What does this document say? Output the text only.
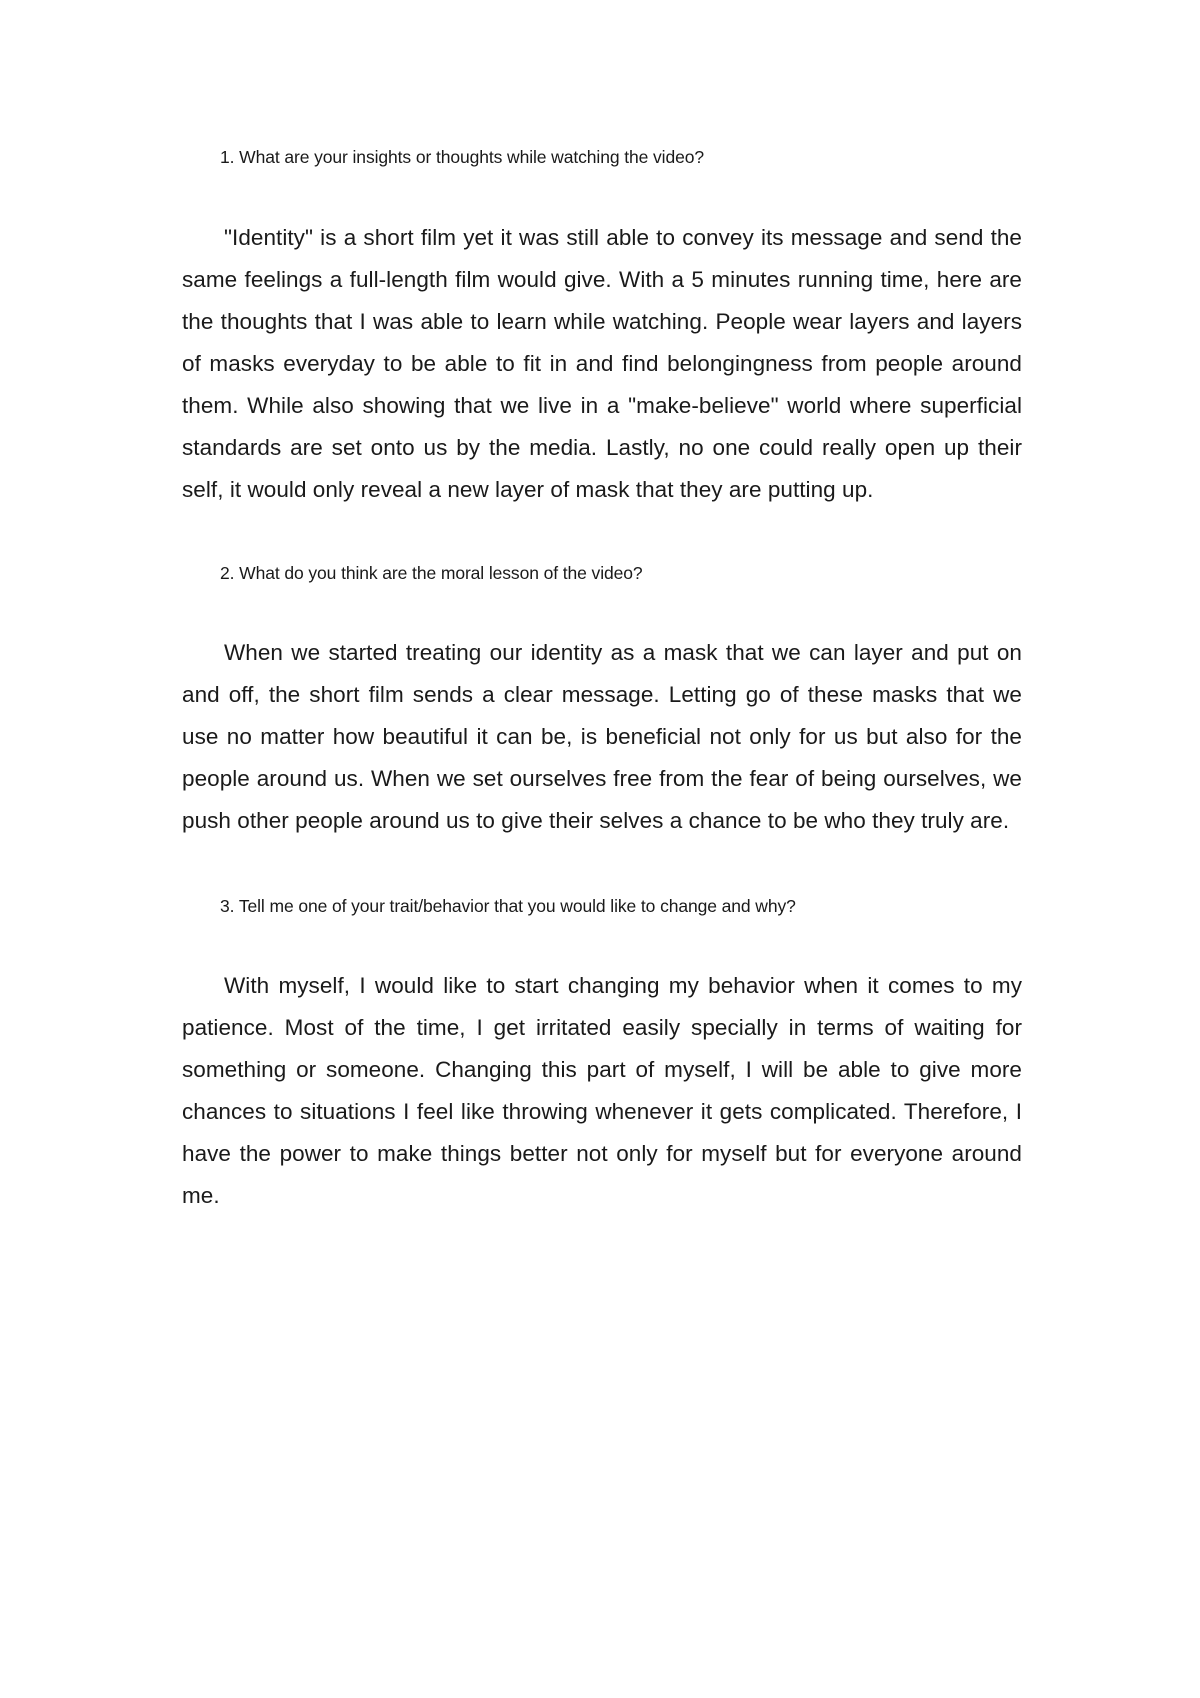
1. What are your insights or thoughts while watching the video?

"Identity" is a short film yet it was still able to convey its message and send the same feelings a full-length film would give. With a 5 minutes running time, here are the thoughts that I was able to learn while watching. People wear layers and layers of masks everyday to be able to fit in and find belongingness from people around them. While also showing that we live in a "make-believe" world where superficial standards are set onto us by the media. Lastly, no one could really open up their self, it would only reveal a new layer of mask that they are putting up.

2. What do you think are the moral lesson of the video?

When we started treating our identity as a mask that we can layer and put on and off, the short film sends a clear message. Letting go of these masks that we use no matter how beautiful it can be, is beneficial not only for us but also for the people around us. When we set ourselves free from the fear of being ourselves, we push other people around us to give their selves a chance to be who they truly are.

3. Tell me one of your trait/behavior that you would like to change and why?

With myself, I would like to start changing my behavior when it comes to my patience. Most of the time, I get irritated easily specially in terms of waiting for something or someone. Changing this part of myself, I will be able to give more chances to situations I feel like throwing whenever it gets complicated. Therefore, I have the power to make things better not only for myself but for everyone around me.
